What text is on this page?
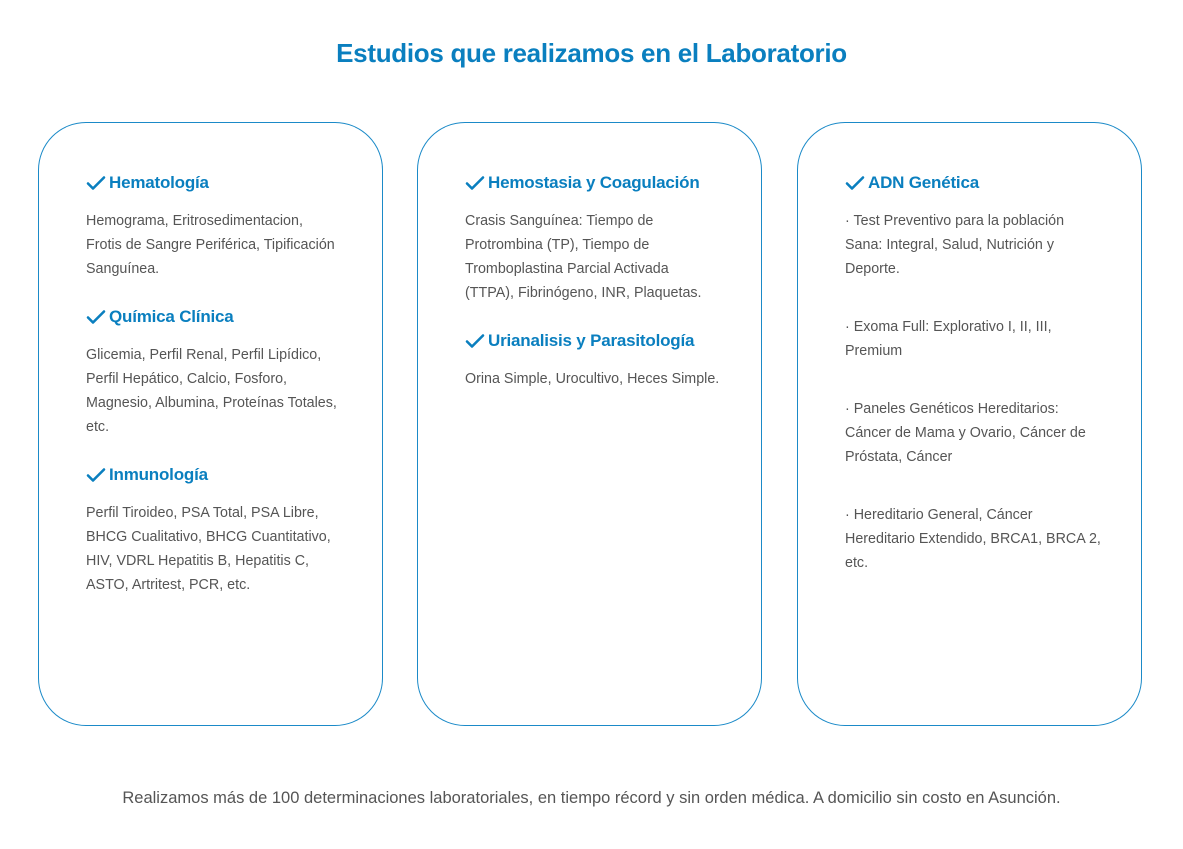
Estudios que realizamos en el Laboratorio
Hematología

Hemograma, Eritrosedimentacion, Frotis de Sangre Periférica, Tipificación Sanguínea.

Química Clínica

Glicemia, Perfil Renal, Perfil Lipídico, Perfil Hepático, Calcio, Fosforo, Magnesio, Albumina, Proteínas Totales, etc.

Inmunología

Perfil Tiroideo, PSA Total, PSA Libre, BHCG Cualitativo, BHCG Cuantitativo, HIV, VDRL Hepatitis B, Hepatitis C, ASTO, Artritest, PCR, etc.

Hemostasia y Coagulación

Crasis Sanguínea: Tiempo de Protrombina (TP), Tiempo de Tromboplastina Parcial Activada (TTPA), Fibrinógeno, INR, Plaquetas.

Urianalisis y Parasitología

Orina Simple, Urocultivo, Heces Simple.

ADN Genética

· Test Preventivo para la población Sana: Integral, Salud, Nutrición y Deporte.

· Exoma Full: Explorativo I, II, III, Premium

· Paneles Genéticos Hereditarios: Cáncer de Mama y Ovario, Cáncer de Próstata, Cáncer

· Hereditario General, Cáncer Hereditario Extendido, BRCA1, BRCA 2, etc.

Realizamos más de 100 determinaciones laboratoriales, en tiempo récord y sin orden médica. A domicilio sin costo en Asunción.
